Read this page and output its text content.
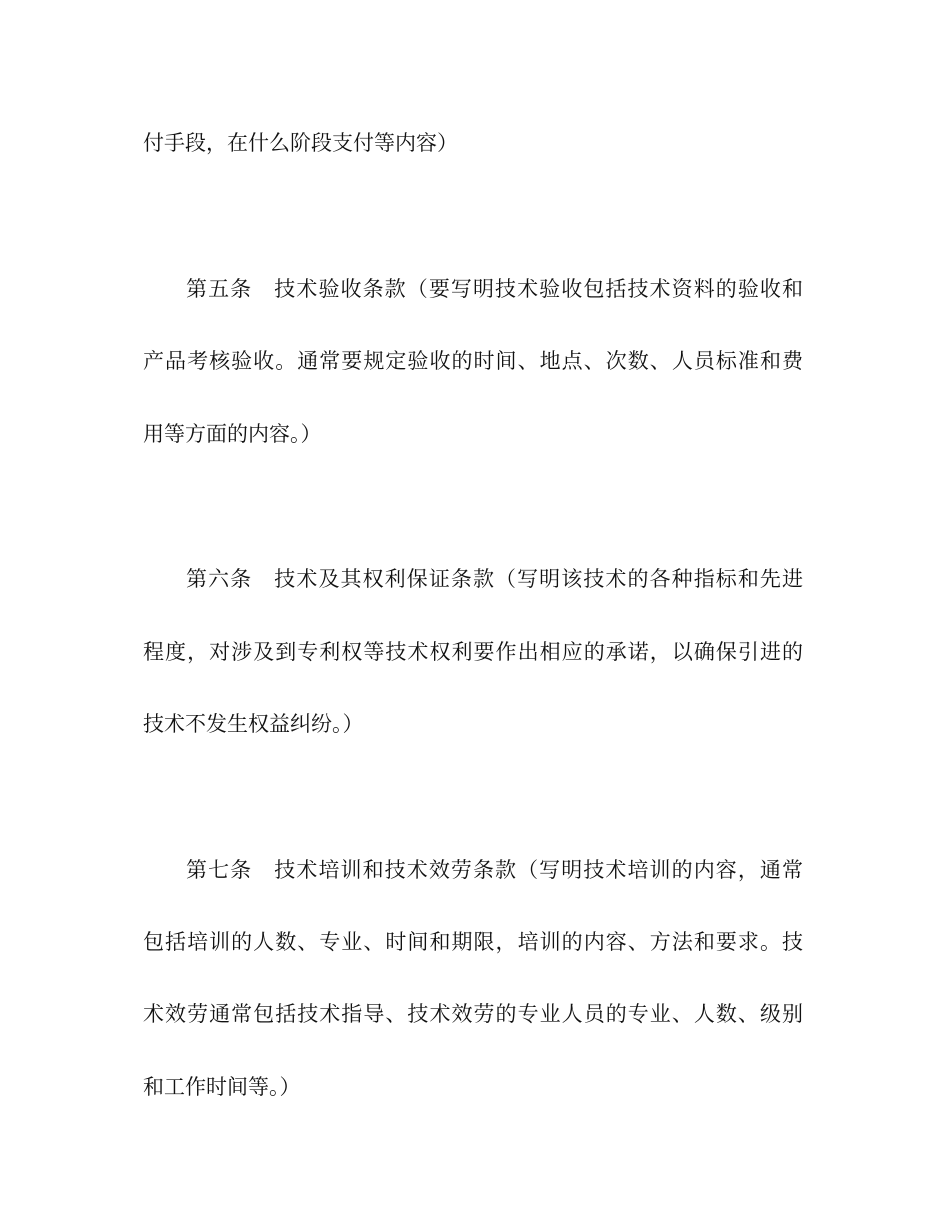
付手段，在什么阶段支付等内容）
第五条　技术验收条款（要写明技术验收包括技术资料的验收和
产品考核验收。通常要规定验收的时间、地点、次数、人员标准和费
用等方面的内容。）
第六条　技术及其权利保证条款（写明该技术的各种指标和先进
程度，对涉及到专利权等技术权利要作出相应的承诺，以确保引进的
技术不发生权益纠纷。）
第七条　技术培训和技术效劳条款（写明技术培训的内容，通常
包括培训的人数、专业、时间和期限，培训的内容、方法和要求。技
术效劳通常包括技术指导、技术效劳的专业人员的专业、人数、级别
和工作时间等。）
